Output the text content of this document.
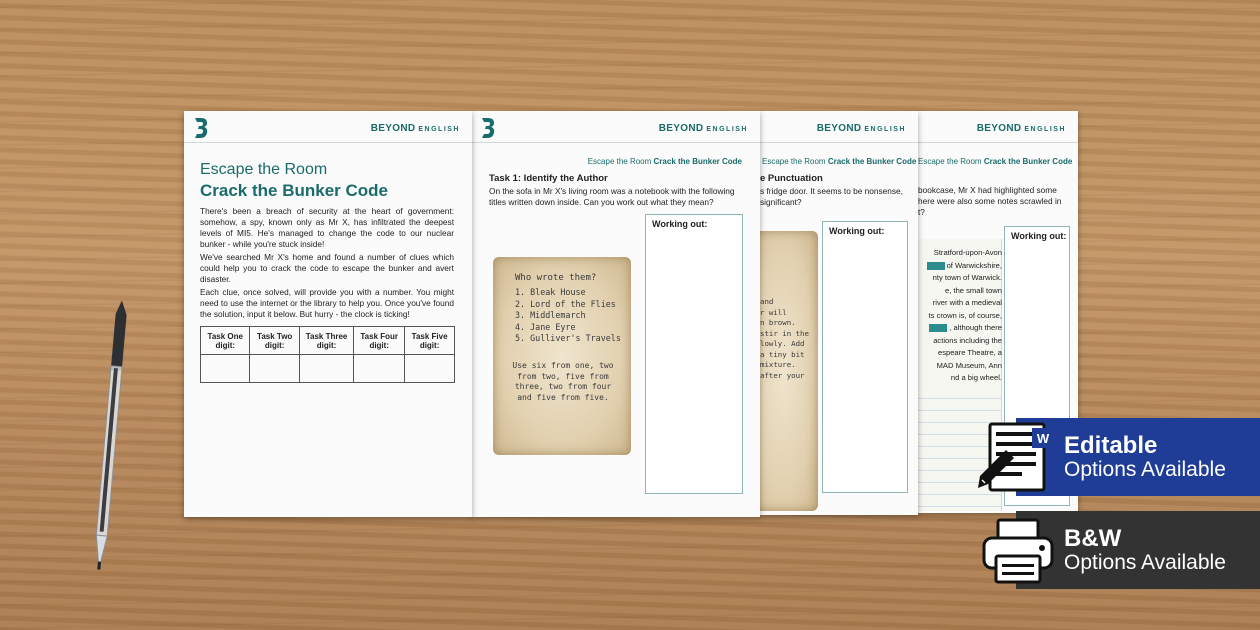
BEYOND ENGLISH
Escape the Room Crack the Bunker Code
bookcase, Mr X had highlighted some
here were also some notes scrawled in
t?
Stratford-upon-Avon
of Warwickshire,
nty town of Warwick.
e, the small town
river with a medieval
ts crown is, of course,
, although there
actions including the
espeare Theatre, a
MAD Museum, Ann
nd a big wheel.
Working out:
BEYOND ENGLISH
Escape the Room Crack the Bunker Code
e Punctuation
s fridge door. It seems to be nonsense,
significant?
and
r will
n brown.
stir in the
lowly. Add
a tiny bit
mixture.
after your
Working out:
BEYOND ENGLISH
Escape the Room Crack the Bunker Code
Task 1: Identify the Author
On the sofa in Mr X's living room was a notebook with the following titles written down inside. Can you work out what they mean?
Who wrote them?
1. Bleak House
2. Lord of the Flies
3. Middlemarch
4. Jane Eyre
5. Gulliver's Travels
Use six from one, two from two, five from three, two from four and five from five.
Working out:
BEYOND ENGLISH
Escape the Room
Crack the Bunker Code
There's been a breach of security at the heart of government: somehow, a spy, known only as Mr X, has infiltrated the deepest levels of MI5. He's managed to change the code to our nuclear bunker - while you're stuck inside!
We've searched Mr X's home and found a number of clues which could help you to crack the code to escape the bunker and avert disaster.
Each clue, once solved, will provide you with a number. You might need to use the internet or the library to help you. Once you've found the solution, input it below. But hurry - the clock is ticking!
Task One digit:	Task Two digit:	Task Three digit:	Task Four digit:	Task Five digit:

Editable
Options Available
W
B&W
Options Available
